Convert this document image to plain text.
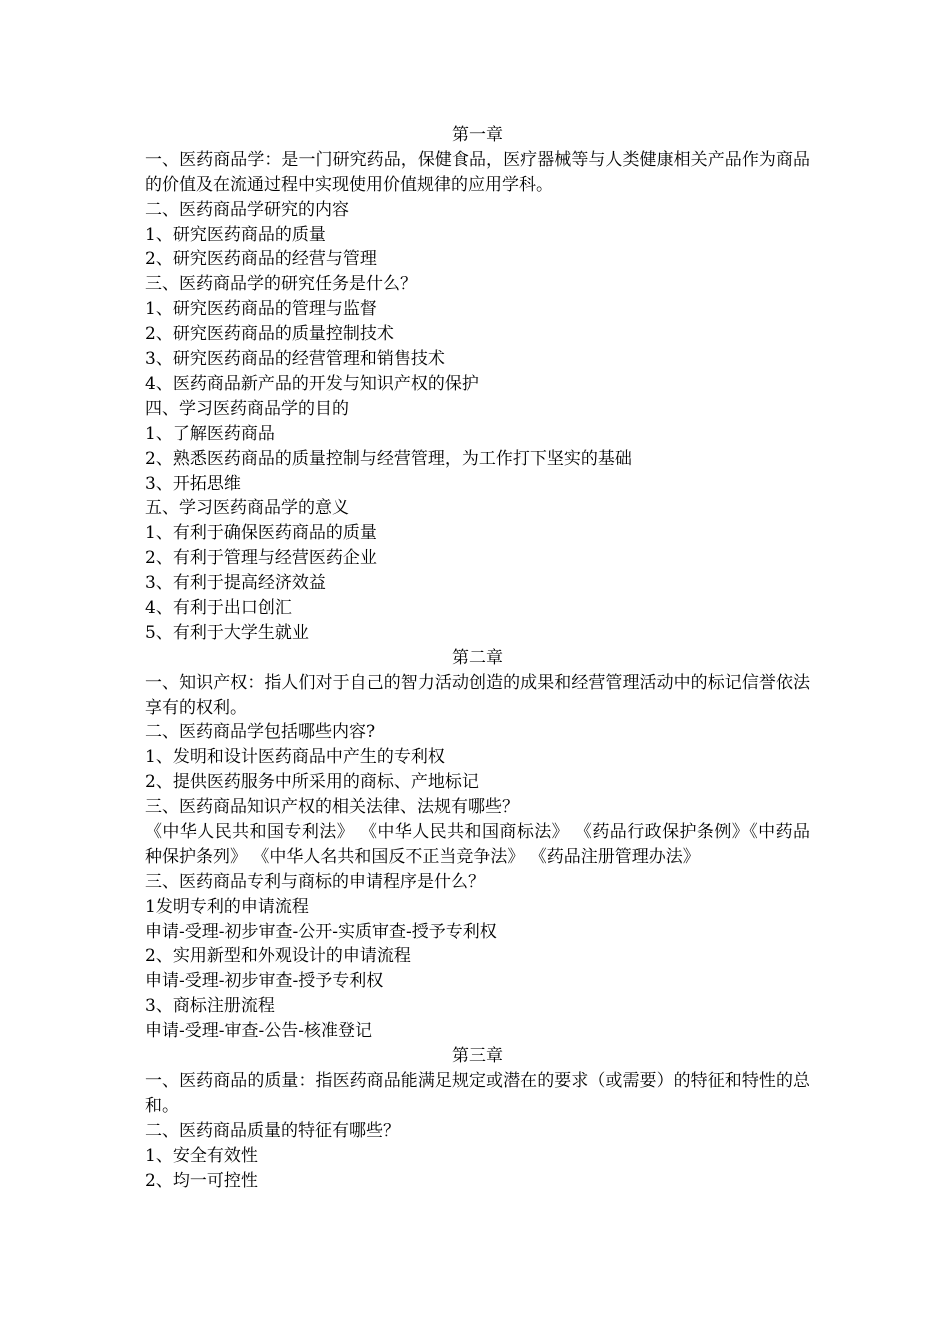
第一章
一、医药商品学：是一门研究药品，保健食品，医疗器械等与人类健康相关产品作为商品的价值及在流通过程中实现使用价值规律的应用学科。
二、医药商品学研究的内容
1、研究医药商品的质量
2、研究医药商品的经营与管理
三、医药商品学的研究任务是什么？
1、研究医药商品的管理与监督
2、研究医药商品的质量控制技术
3、研究医药商品的经营管理和销售技术
4、医药商品新产品的开发与知识产权的保护
四、学习医药商品学的目的
1、了解医药商品
2、熟悉医药商品的质量控制与经营管理，为工作打下坚实的基础
3、开拓思维
五、学习医药商品学的意义
1、有利于确保医药商品的质量
2、有利于管理与经营医药企业
3、有利于提高经济效益
4、有利于出口创汇
5、有利于大学生就业
第二章
一、知识产权：指人们对于自己的智力活动创造的成果和经营管理活动中的标记信誉依法享有的权利。
二、医药商品学包括哪些内容?
1、发明和设计医药商品中产生的专利权
2、提供医药服务中所采用的商标、产地标记
三、医药商品知识产权的相关法律、法规有哪些？
《中华人民共和国专利法》 《中华人民共和国商标法》 《药品行政保护条例》《中药品种保护条列》 《中华人名共和国反不正当竞争法》 《药品注册管理办法》
三、医药商品专利与商标的申请程序是什么？
1发明专利的申请流程
申请-受理-初步审查-公开-实质审查-授予专利权
2、实用新型和外观设计的申请流程
申请-受理-初步审查-授予专利权
3、商标注册流程
申请-受理-审查-公告-核准登记
第三章
一、医药商品的质量：指医药商品能满足规定或潜在的要求（或需要）的特征和特性的总和。
二、医药商品质量的特征有哪些？
1、安全有效性
2、均一可控性
